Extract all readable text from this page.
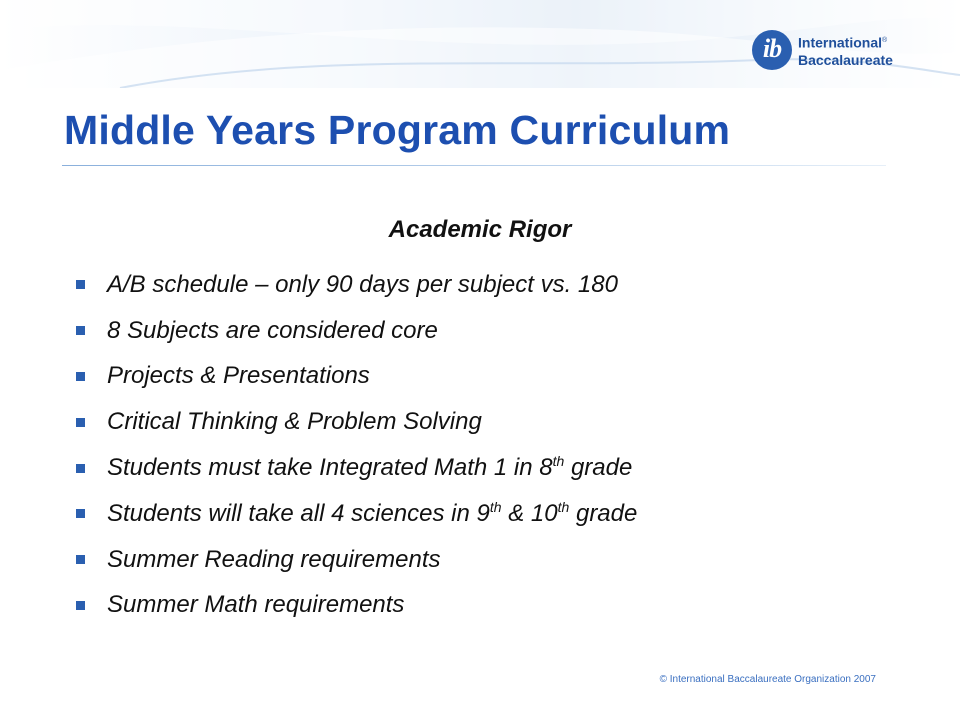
ib	International®
Baccalaureate
Middle Years Program Curriculum
Academic Rigor
A/B schedule – only 90 days per subject vs. 180
8 Subjects are considered core
Projects & Presentations
Critical Thinking & Problem Solving
Students must take Integrated Math 1 in 8th grade
Students will take all 4 sciences in 9th & 10th grade
Summer Reading requirements
Summer Math requirements
© International Baccalaureate Organization 2007
